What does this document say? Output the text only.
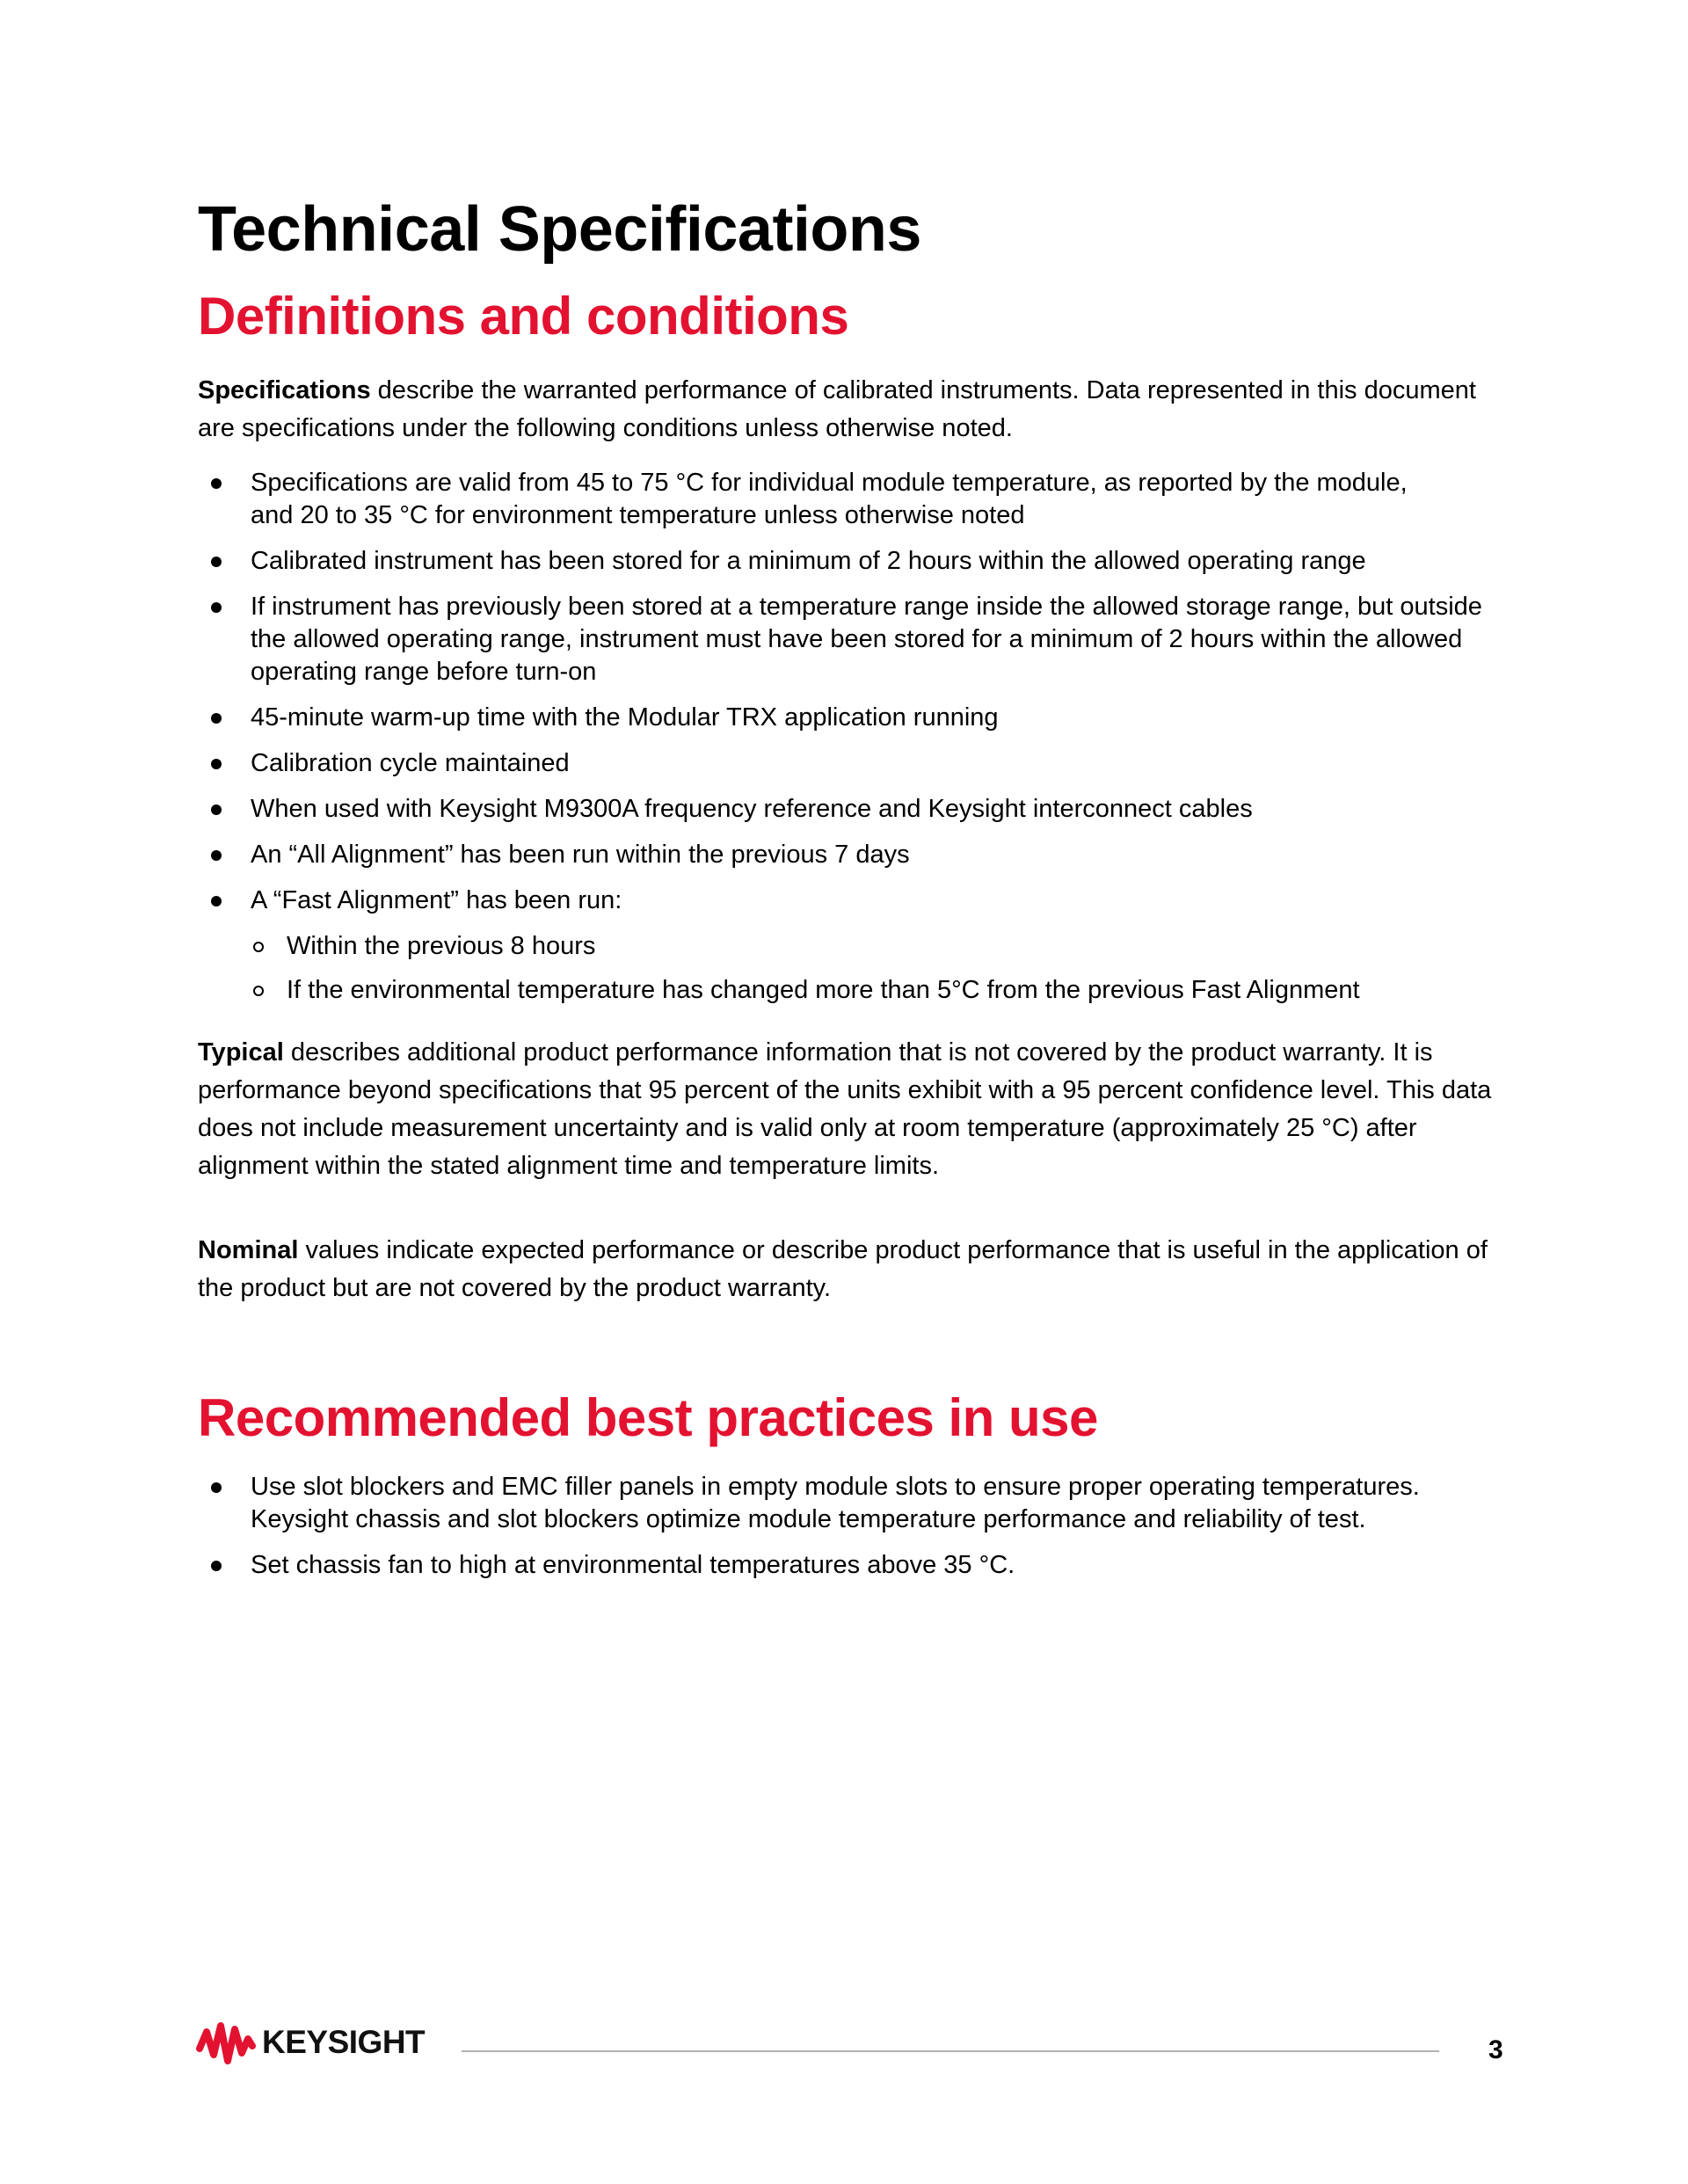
Technical Specifications
Definitions and conditions

Specifications describe the warranted performance of calibrated instruments. Data represented in this document are specifications under the following conditions unless otherwise noted.

Specifications are valid from 45 to 75 °C for individual module temperature, as reported by the module, and 20 to 35 °C for environment temperature unless otherwise noted
Calibrated instrument has been stored for a minimum of 2 hours within the allowed operating range
If instrument has previously been stored at a temperature range inside the allowed storage range, but outside the allowed operating range, instrument must have been stored for a minimum of 2 hours within the allowed operating range before turn-on
45-minute warm-up time with the Modular TRX application running
Calibration cycle maintained
When used with Keysight M9300A frequency reference and Keysight interconnect cables
An “All Alignment” has been run within the previous 7 days
A “Fast Alignment” has been run:
Within the previous 8 hours
If the environmental temperature has changed more than 5°C from the previous Fast Alignment

Typical describes additional product performance information that is not covered by the product warranty. It is performance beyond specifications that 95 percent of the units exhibit with a 95 percent confidence level. This data does not include measurement uncertainty and is valid only at room temperature (approximately 25 °C) after alignment within the stated alignment time and temperature limits.

Nominal values indicate expected performance or describe product performance that is useful in the application of the product but are not covered by the product warranty.

Recommended best practices in use
Use slot blockers and EMC filler panels in empty module slots to ensure proper operating temperatures. Keysight chassis and slot blockers optimize module temperature performance and reliability of test.
Set chassis fan to high at environmental temperatures above 35 °C.
KEYSIGHT	3
